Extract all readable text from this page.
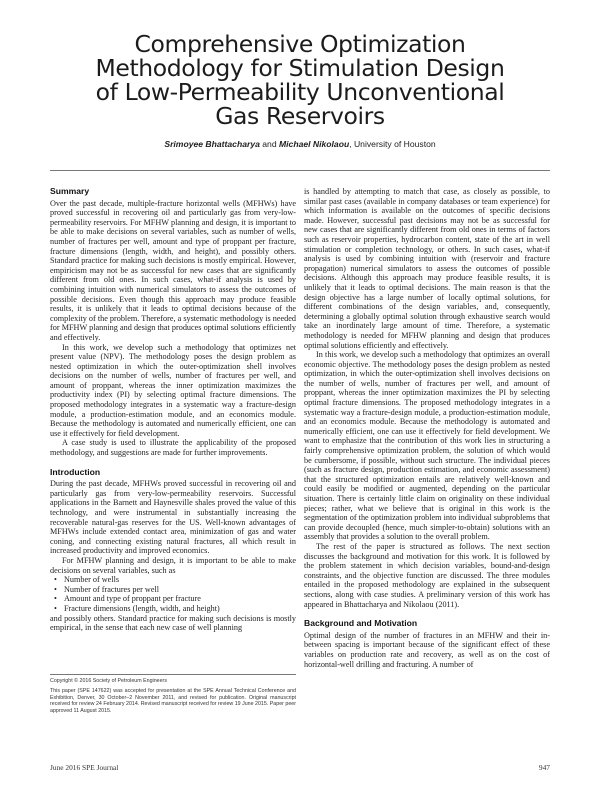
Comprehensive Optimization
Methodology for Stimulation Design
of Low-Permeability Unconventional
Gas Reservoirs
Srimoyee Bhattacharya and Michael Nikolaou, University of Houston
Summary

Over the past decade, multiple-fracture horizontal wells (MFHWs) have proved successful in recovering oil and particularly gas from very-low-permeability reservoirs. For MFHW planning and design, it is important to be able to make decisions on several variables, such as number of wells, number of fractures per well, amount and type of proppant per fracture, fracture dimensions (length, width, and height), and possibly others. Standard practice for making such decisions is mostly empirical. However, empiricism may not be as successful for new cases that are significantly different from old ones. In such cases, what-if analysis is used by combining intuition with numerical simulators to assess the outcomes of possible decisions. Even though this approach may produce feasible results, it is unlikely that it leads to optimal decisions because of the complexity of the problem. Therefore, a systematic methodology is needed for MFHW planning and design that produces optimal solutions efficiently and effectively.

In this work, we develop such a methodology that optimizes net present value (NPV). The methodology poses the design problem as nested optimization in which the outer-optimization shell involves decisions on the number of wells, number of fractures per well, and amount of proppant, whereas the inner optimization maximizes the productivity index (PI) by selecting optimal fracture dimensions. The proposed methodology integrates in a systematic way a fracture-design module, a production-estimation module, and an economics module. Because the methodology is automated and numerically efficient, one can use it effectively for field development.

A case study is used to illustrate the applicability of the proposed methodology, and suggestions are made for further improvements.

Introduction

During the past decade, MFHWs proved successful in recovering oil and particularly gas from very-low-permeability reservoirs. Successful applications in the Barnett and Haynesville shales proved the value of this technology, and were instrumental in substantially increasing the recoverable natural-gas reserves for the US. Well-known advantages of MFHWs include extended contact area, minimization of gas and water coning, and connecting existing natural fractures, all which result in increased productivity and improved economics.

For MFHW planning and design, it is important to be able to make decisions on several variables, such as

• Number of wells
• Number of fractures per well
• Amount and type of proppant per fracture
• Fracture dimensions (length, width, and height)

and possibly others. Standard practice for making such decisions is mostly empirical, in the sense that each new case of well planning

Copyright © 2016 Society of Petroleum Engineers

This paper (SPE 147622) was accepted for presentation at the SPE Annual Technical Conference and Exhibition, Denver, 30 October–2 November 2011, and revised for publication. Original manuscript received for review 24 February 2014. Revised manuscript received for review 19 June 2015. Paper peer approved 11 August 2015.

is handled by attempting to match that case, as closely as possible, to similar past cases (available in company databases or team experience) for which information is available on the outcomes of specific decisions made. However, successful past decisions may not be as successful for new cases that are significantly different from old ones in terms of factors such as reservoir properties, hydrocarbon content, state of the art in well stimulation or completion technology, or others. In such cases, what-if analysis is used by combining intuition with (reservoir and fracture propagation) numerical simulators to assess the outcomes of possible decisions. Although this approach may produce feasible results, it is unlikely that it leads to optimal decisions. The main reason is that the design objective has a large number of locally optimal solutions, for different combinations of the design variables, and, consequently, determining a globally optimal solution through exhaustive search would take an inordinately large amount of time. Therefore, a systematic methodology is needed for MFHW planning and design that produces optimal solutions efficiently and effectively.

In this work, we develop such a methodology that optimizes an overall economic objective. The methodology poses the design problem as nested optimization, in which the outer-optimization shell involves decisions on the number of wells, number of fractures per well, and amount of proppant, whereas the inner optimization maximizes the PI by selecting optimal fracture dimensions. The proposed methodology integrates in a systematic way a fracture-design module, a production-estimation module, and an economics module. Because the methodology is automated and numerically efficient, one can use it effectively for field development. We want to emphasize that the contribution of this work lies in structuring a fairly comprehensive optimization problem, the solution of which would be cumbersome, if possible, without such structure. The individual pieces (such as fracture design, production estimation, and economic assessment) that the structured optimization entails are relatively well-known and could easily be modified or augmented, depending on the particular situation. There is certainly little claim on originality on these individual pieces; rather, what we believe that is original in this work is the segmentation of the optimization problem into individual subproblems that can provide decoupled (hence, much simpler-to-obtain) solutions with an assembly that provides a solution to the overall problem.

The rest of the paper is structured as follows. The next section discusses the background and motivation for this work. It is followed by the problem statement in which decision variables, bound-and-design constraints, and the objective function are discussed. The three modules entailed in the proposed methodology are explained in the subsequent sections, along with case studies. A preliminary version of this work has appeared in Bhattacharya and Nikolaou (2011).

Background and Motivation

Optimal design of the number of fractures in an MFHW and their in-between spacing is important because of the significant effect of these variables on production rate and recovery, as well as on the cost of horizontal-well drilling and fracturing. A number of

June 2016 SPE Journal	947
